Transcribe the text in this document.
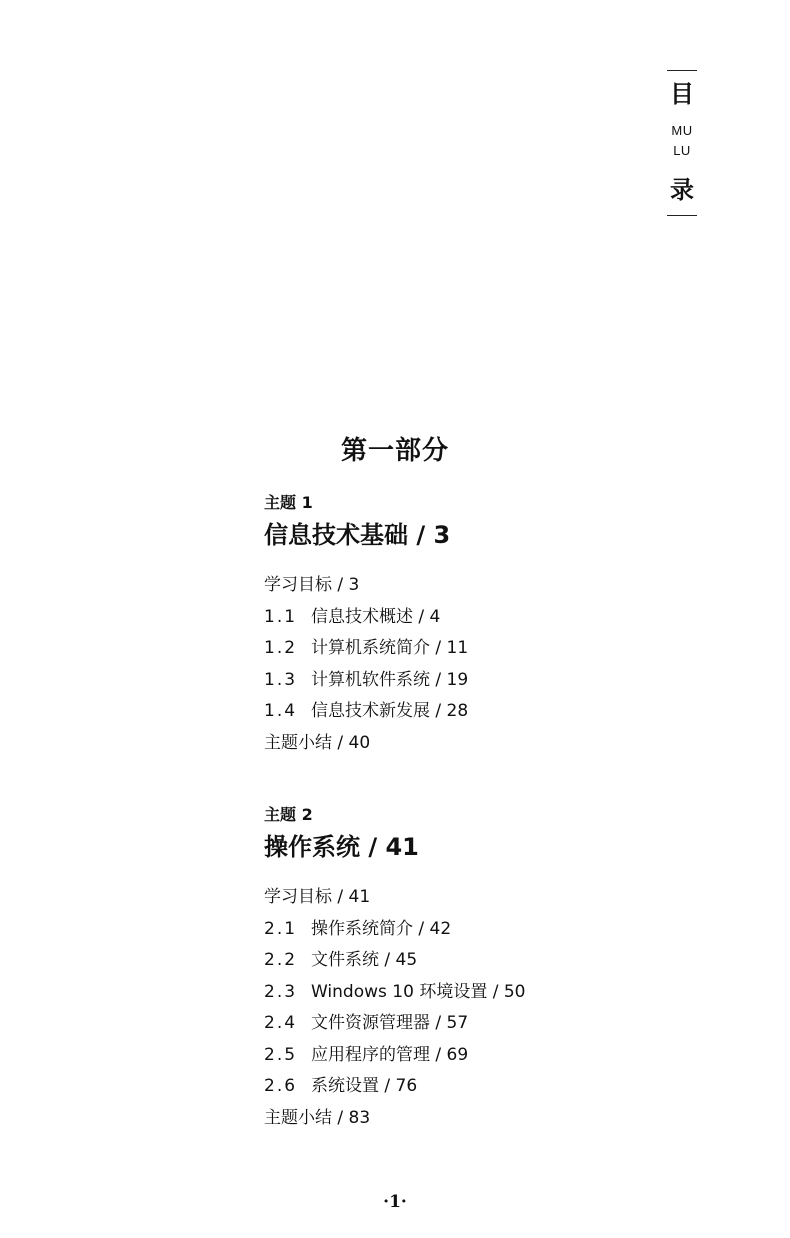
目
MU LU
录
第一部分
主题 1
信息技术基础 / 3
学习目标 / 3
1.1 信息技术概述 / 4
1.2 计算机系统简介 / 11
1.3 计算机软件系统 / 19
1.4 信息技术新发展 / 28
主题小结 / 40
主题 2
操作系统 / 41
学习目标 / 41
2.1 操作系统简介 / 42
2.2 文件系统 / 45
2.3 Windows 10 环境设置 / 50
2.4 文件资源管理器 / 57
2.5 应用程序的管理 / 69
2.6 系统设置 / 76
主题小结 / 83
·1·
